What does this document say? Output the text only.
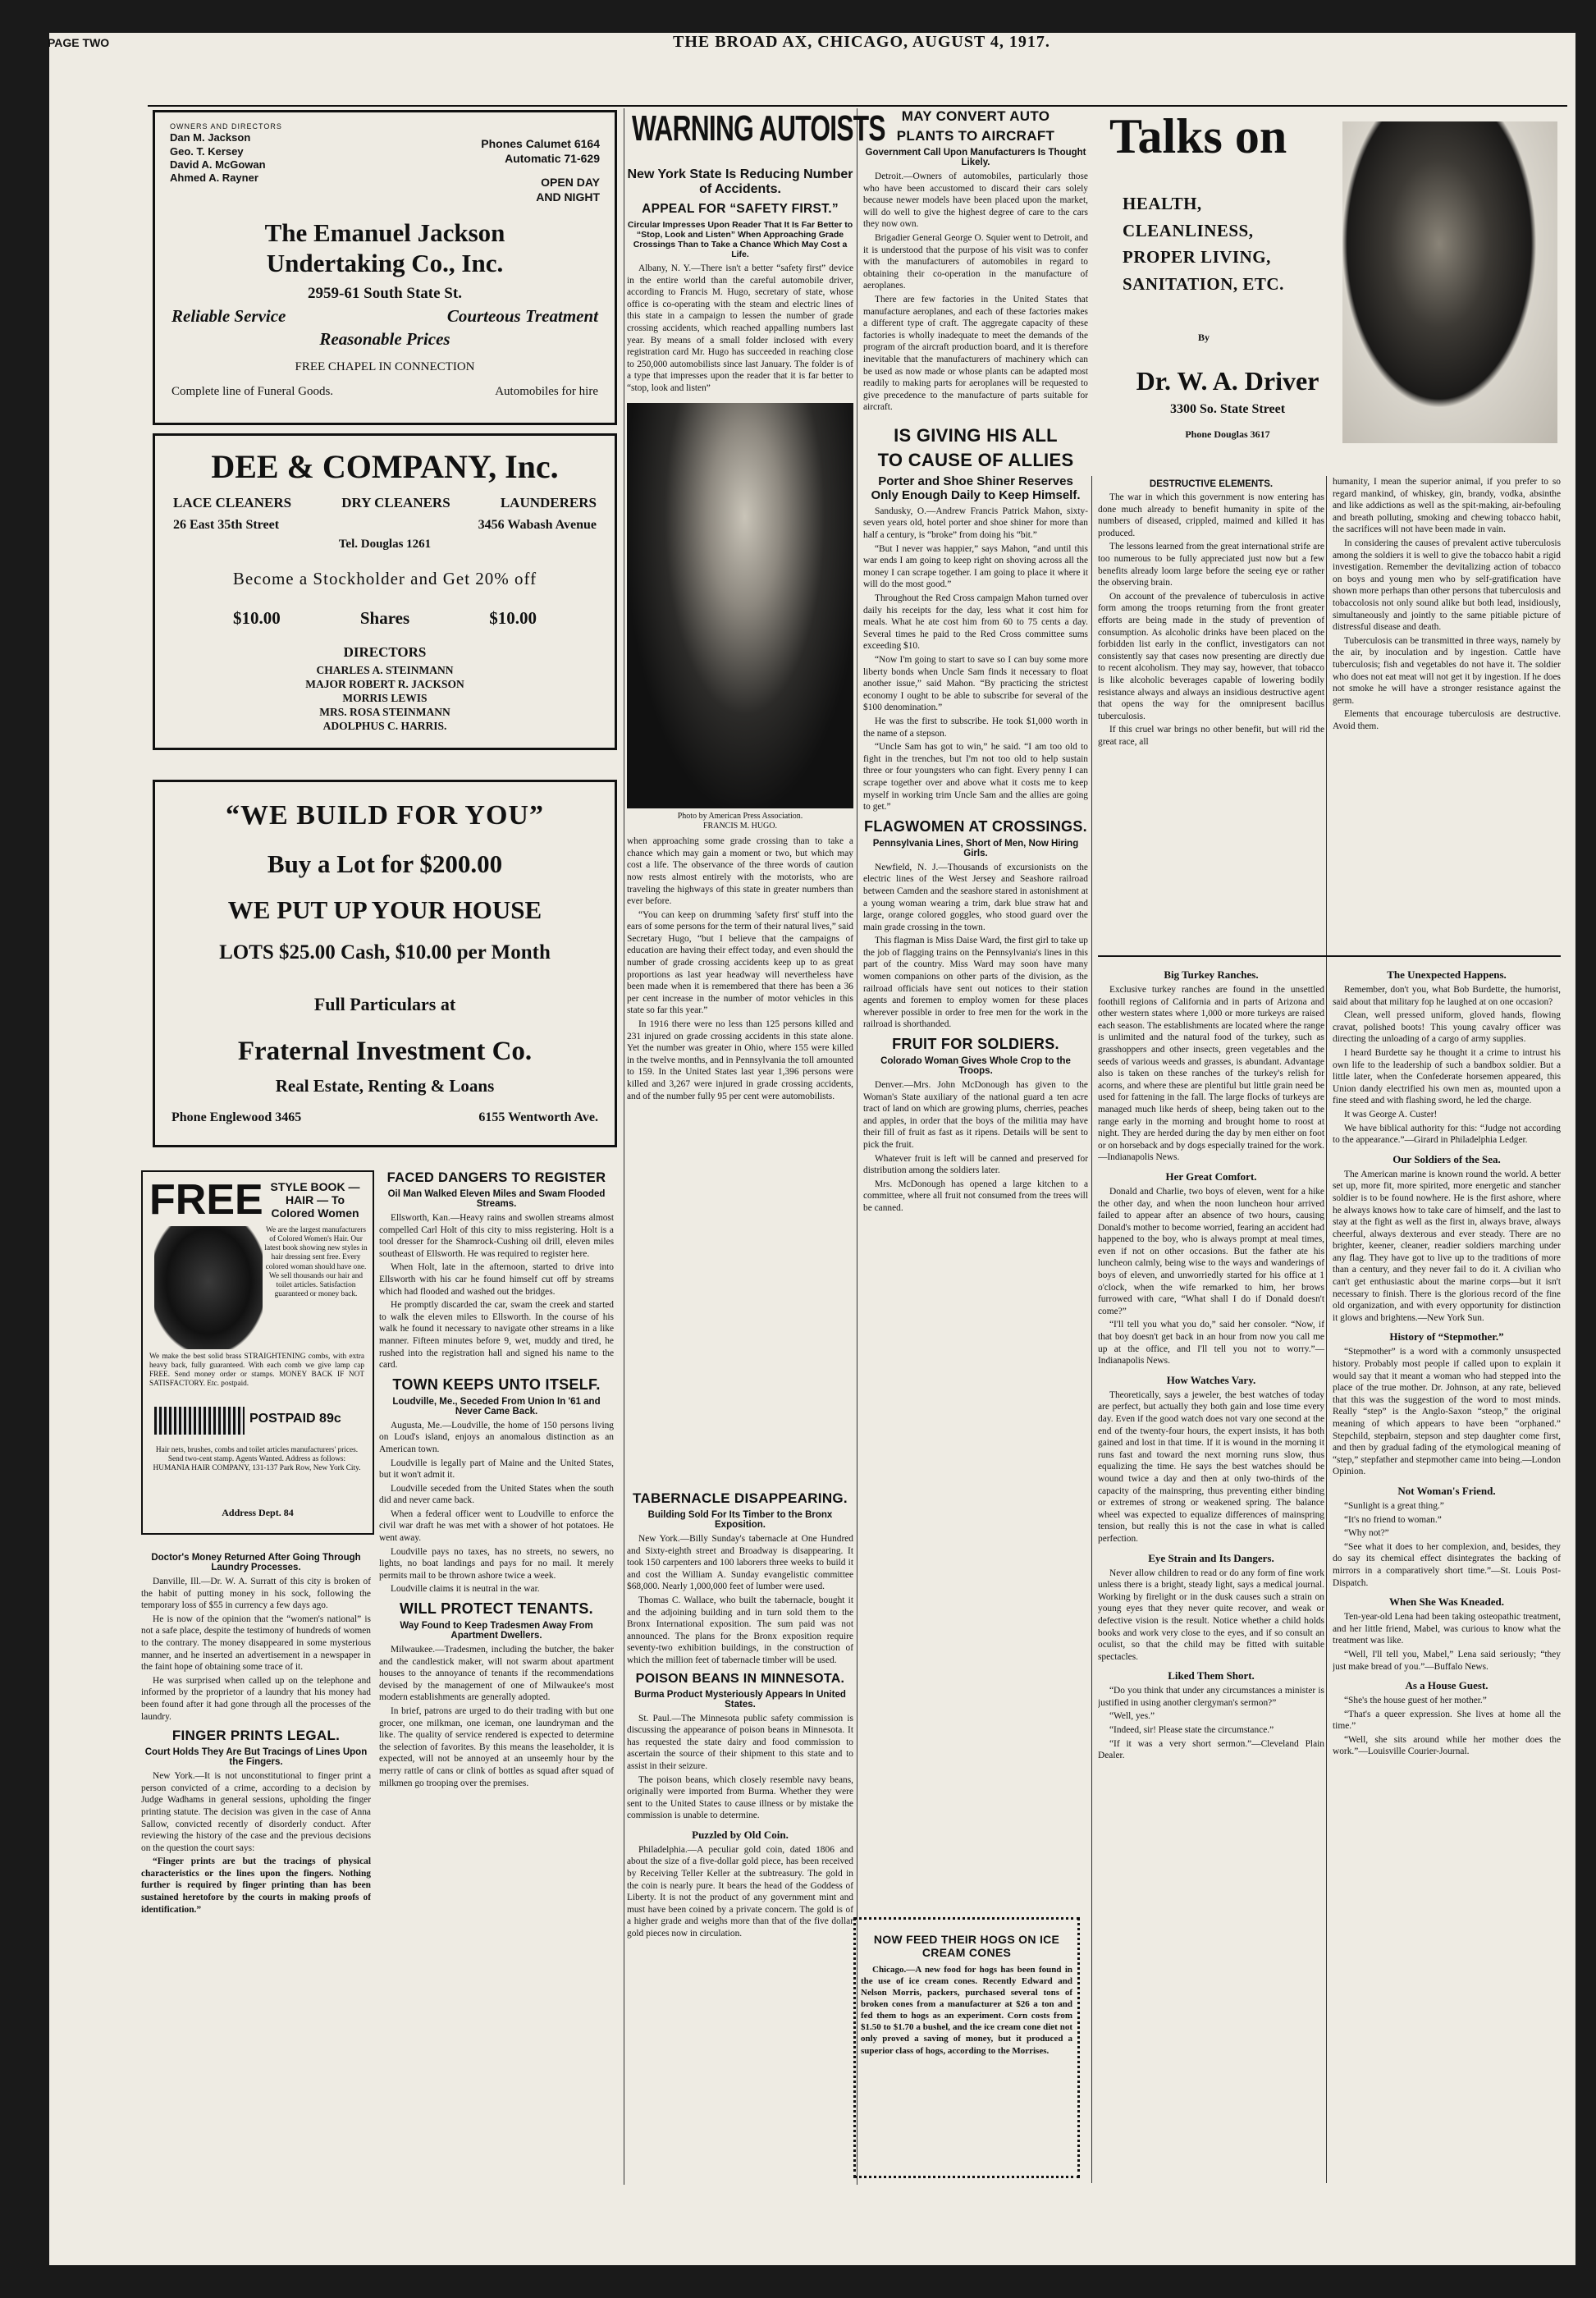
PAGE TWO	THE BROAD AX, CHICAGO, AUGUST 4, 1917.
OWNERS AND DIRECTORS
Dan M. Jackson
Geo. T. Kersey
David A. McGowan
Ahmed A. Rayner
Phones Calumet 6164
Automatic 71-629
OPEN DAY
AND NIGHT
The Emanuel Jackson
Undertaking Co., Inc.
2959-61 South State St.
Reliable Service	Courteous Treatment
Reasonable Prices
FREE CHAPEL IN CONNECTION
Complete line of Funeral Goods.	Automobiles for hire
DEE & COMPANY, Inc.
LACE CLEANERS	DRY CLEANERS	LAUNDERERS
26 East 35th Street	3456 Wabash Avenue
Tel. Douglas 1261
Become a Stockholder and Get 20% off
$10.00	Shares	$10.00
DIRECTORS
CHARLES A. STEINMANN
MAJOR ROBERT R. JACKSON
MORRIS LEWIS
MRS. ROSA STEINMANN
ADOLPHUS C. HARRIS.
“WE BUILD FOR YOU”
Buy a Lot for $200.00
WE PUT UP YOUR HOUSE
LOTS $25.00 Cash, $10.00 per Month
Full Particulars at
Fraternal Investment Co.
Real Estate, Renting & Loans
Phone Englewood 3465	6155 Wentworth Ave.
FREE STYLE BOOK — HAIR — To Colored Women
We are the largest manufacturers of Colored Women's Hair. Our latest book showing new styles in hair dressing sent free. Every colored woman should have one. We sell thousands our hair and toilet articles. Satisfaction guaranteed or money back.
We make the best solid brass STRAIGHTENING combs, with extra heavy back, fully guaranteed. With each comb we give lamp cap FREE. Send money order or stamps. MONEY BACK IF NOT SATISFACTORY. Etc. postpaid.
POSTPAID 89c
Hair nets, brushes, combs and toilet articles manufacturers' prices. Send two-cent stamp. Agents Wanted. Address as follows: HUMANIA HAIR COMPANY, 131-137 Park Row, New York City.
Address Dept. 84
Doctor's Money Returned After Going Through Laundry Processes.

Danville, Ill.—Dr. W. A. Surratt of this city is broken of the habit of putting money in his sock, following the temporary loss of $55 in currency a few days ago.

He is now of the opinion that the “women's national” is not a safe place, despite the testimony of hundreds of women to the contrary. The money disappeared in some mysterious manner, and he inserted an advertisement in a newspaper in the faint hope of obtaining some trace of it.

He was surprised when called up on the telephone and informed by the proprietor of a laundry that his money had been found after it had gone through all the processes of the laundry.

FINGER PRINTS LEGAL.
Court Holds They Are But Tracings of Lines Upon the Fingers.

New York.—It is not unconstitutional to finger print a person convicted of a crime, according to a decision by Judge Wadhams in general sessions, upholding the finger printing statute. The decision was given in the case of Anna Sallow, convicted recently of disorderly conduct. After reviewing the history of the case and the previous decisions on the question the court says:

“Finger prints are but the tracings of physical characteristics or the lines upon the fingers. Nothing further is required by finger printing than has been sustained heretofore by the courts in making proofs of identification.”

FACED DANGERS TO REGISTER
Oil Man Walked Eleven Miles and Swam Flooded Streams.

Ellsworth, Kan.—Heavy rains and swollen streams almost compelled Carl Holt of this city to miss registering. Holt is a tool dresser for the Shamrock-Cushing oil drill, eleven miles southeast of Ellsworth. He was required to register here.

When Holt, late in the afternoon, started to drive into Ellsworth with his car he found himself cut off by streams which had flooded and washed out the bridges.

He promptly discarded the car, swam the creek and started to walk the eleven miles to Ellsworth. In the course of his walk he found it necessary to navigate other streams in a like manner. Fifteen minutes before 9, wet, muddy and tired, he rushed into the registration hall and signed his name to the card.

TOWN KEEPS UNTO ITSELF.
Loudville, Me., Seceded From Union In '61 and Never Came Back.

Augusta, Me.—Loudville, the home of 150 persons living on Loud's island, enjoys an anomalous distinction as an American town.

Loudville is legally part of Maine and the United States, but it won't admit it.

Loudville seceded from the United States when the south did and never came back.

When a federal officer went to Loudville to enforce the civil war draft he was met with a shower of hot potatoes. He went away.

Loudville pays no taxes, has no streets, no sewers, no lights, no boat landings and pays for no mail. It merely permits mail to be thrown ashore twice a week.

Loudville claims it is neutral in the war.

WILL PROTECT TENANTS.
Way Found to Keep Tradesmen Away From Apartment Dwellers.

Milwaukee.—Tradesmen, including the butcher, the baker and the candlestick maker, will not swarm about apartment houses to the annoyance of tenants if the recommendations devised by the management of one of Milwaukee's most modern establishments are generally adopted.

In brief, patrons are urged to do their trading with but one grocer, one milkman, one iceman, one laundryman and the like. The quality of service rendered is expected to determine the selection of favorites. By this means the leaseholder, it is expected, will not be annoyed at an unseemly hour by the merry rattle of cans or clink of bottles as squad after squad of milkmen go trooping over the premises.

WARNING AUTOISTS
New York State Is Reducing Number of Accidents.
APPEAL FOR “SAFETY FIRST.”
Circular Impresses Upon Reader That It Is Far Better to “Stop, Look and Listen” When Approaching Grade Crossings Than to Take a Chance Which May Cost a Life.

Albany, N. Y.—There isn't a better “safety first” device in the entire world than the careful automobile driver, according to Francis M. Hugo, secretary of state, whose office is co-operating with the steam and electric lines of this state in a campaign to lessen the number of grade crossing accidents, which reached appalling numbers last year. By means of a small folder inclosed with every registration card Mr. Hugo has succeeded in reaching close to 250,000 automobilists since last January. The folder is of a type that impresses upon the reader that it is far better to “stop, look and listen”

Photo by American Press Association.
FRANCIS M. HUGO.

when approaching some grade crossing than to take a chance which may gain a moment or two, but which may cost a life. The observance of the three words of caution now rests almost entirely with the motorists, who are traveling the highways of this state in greater numbers than ever before.

“You can keep on drumming 'safety first' stuff into the ears of some persons for the term of their natural lives,” said Secretary Hugo, “but I believe that the campaigns of education are having their effect today, and even should the number of grade crossing accidents keep up to as great proportions as last year headway will nevertheless have been made when it is remembered that there has been a 36 per cent increase in the number of motor vehicles in this state so far this year.”

In 1916 there were no less than 125 persons killed and 231 injured on grade crossing accidents in this state alone. Yet the number was greater in Ohio, where 155 were killed in the twelve months, and in Pennsylvania the toll amounted to 159. In the United States last year 1,396 persons were killed and 3,267 were injured in grade crossing accidents, and of the number fully 95 per cent were automobilists.

TABERNACLE DISAPPEARING.
Building Sold For Its Timber to the Bronx Exposition.

New York.—Billy Sunday's tabernacle at One Hundred and Sixty-eighth street and Broadway is disappearing. It took 150 carpenters and 100 laborers three weeks to build it and cost the William A. Sunday evangelistic committee $68,000. Nearly 1,000,000 feet of lumber were used.

Thomas C. Wallace, who built the tabernacle, bought it and the adjoining building and in turn sold them to the Bronx International exposition. The sum paid was not announced. The plans for the Bronx exposition require seventy-two exhibition buildings, in the construction of which the million feet of tabernacle timber will be used.

POISON BEANS IN MINNESOTA.
Burma Product Mysteriously Appears In United States.

St. Paul.—The Minnesota public safety commission is discussing the appearance of poison beans in Minnesota. It has requested the state dairy and food commission to ascertain the source of their shipment to this state and to assist in their seizure.

The poison beans, which closely resemble navy beans, originally were imported from Burma. Whether they were sent to the United States to cause illness or by mistake the commission is unable to determine.

Puzzled by Old Coin.

Philadelphia.—A peculiar gold coin, dated 1806 and about the size of a five-dollar gold piece, has been received by Receiving Teller Keller at the subtreasury. The gold in the coin is nearly pure. It bears the head of the Goddess of Liberty. It is not the product of any government mint and must have been coined by a private concern. The gold is of a higher grade and weighs more than that of the five dollar gold pieces now in circulation.

MAY CONVERT AUTO
PLANTS TO AIRCRAFT
Government Call Upon Manufacturers Is Thought Likely.

Detroit.—Owners of automobiles, particularly those who have been accustomed to discard their cars solely because newer models have been placed upon the market, will do well to give the highest degree of care to the cars they now own.

Brigadier General George O. Squier went to Detroit, and it is understood that the purpose of his visit was to confer with the manufacturers of automobiles in regard to obtaining their co-operation in the manufacture of aeroplanes.

There are few factories in the United States that manufacture aeroplanes, and each of these factories makes a different type of craft. The aggregate capacity of these factories is wholly inadequate to meet the demands of the program of the aircraft production board, and it is therefore inevitable that the manufacturers of machinery which can be used as now made or whose plants can be adapted most readily to making parts for aeroplanes will be requested to give precedence to the manufacture of parts suitable for aircraft.

IS GIVING HIS ALL
TO CAUSE OF ALLIES
Porter and Shoe Shiner Reserves Only Enough Daily to Keep Himself.

Sandusky, O.—Andrew Francis Patrick Mahon, sixty-seven years old, hotel porter and shoe shiner for more than half a century, is “broke” from doing his “bit.”

“But I never was happier,” says Mahon, “and until this war ends I am going to keep right on shoving across all the money I can scrape together. I am going to place it where it will do the most good.”

Throughout the Red Cross campaign Mahon turned over daily his receipts for the day, less what it cost him for meals. What he ate cost him from 60 to 75 cents a day. Several times he paid to the Red Cross committee sums exceeding $10.

“Now I'm going to start to save so I can buy some more liberty bonds when Uncle Sam finds it necessary to float another issue,” said Mahon. “By practicing the strictest economy I ought to be able to subscribe for several of the $100 denomination.”

He was the first to subscribe. He took $1,000 worth in the name of a stepson.

“Uncle Sam has got to win,” he said. “I am too old to fight in the trenches, but I'm not too old to help sustain three or four youngsters who can fight. Every penny I can scrape together over and above what it costs me to keep myself in working trim Uncle Sam and the allies are going to get.”

FLAGWOMEN AT CROSSINGS.
Pennsylvania Lines, Short of Men, Now Hiring Girls.

Newfield, N. J.—Thousands of excursionists on the electric lines of the West Jersey and Seashore railroad between Camden and the seashore stared in astonishment at a young woman wearing a trim, dark blue straw hat and large, orange colored goggles, who stood guard over the main grade crossing in the town.

This flagman is Miss Daise Ward, the first girl to take up the job of flagging trains on the Pennsylvania's lines in this part of the country. Miss Ward may soon have many women companions on other parts of the division, as the railroad officials have sent out notices to their station agents and foremen to employ women for these places wherever possible in order to free men for the work in the railroad is shorthanded.

FRUIT FOR SOLDIERS.
Colorado Woman Gives Whole Crop to the Troops.

Denver.—Mrs. John McDonough has given to the Woman's State auxiliary of the national guard a ten acre tract of land on which are growing plums, cherries, peaches and apples, in order that the boys of the militia may have their fill of fruit as fast as it ripens. Details will be sent to pick the fruit.

Whatever fruit is left will be canned and preserved for distribution among the soldiers later.

Mrs. McDonough has opened a large kitchen to a committee, where all fruit not consumed from the trees will be canned.

NOW FEED THEIR HOGS ON ICE CREAM CONES

Chicago.—A new food for hogs has been found in the use of ice cream cones. Recently Edward and Nelson Morris, packers, purchased several tons of broken cones from a manufacturer at $26 a ton and fed them to hogs as an experiment. Corn costs from $1.50 to $1.70 a bushel, and the ice cream cone diet not only proved a saving of money, but it produced a superior class of hogs, according to the Morrises.

Talks on
HEALTH,
CLEANLINESS,
PROPER LIVING,
SANITATION, ETC.
By
Dr. W. A. Driver
3300 So. State Street
Phone Douglas 3617
DESTRUCTIVE ELEMENTS.

The war in which this government is now entering has done much already to benefit humanity in spite of the numbers of diseased, crippled, maimed and killed it has produced.

The lessons learned from the great international strife are too numerous to be fully appreciated just now but a few benefits already loom large before the seeing eye or rather the observing brain.

On account of the prevalence of tuberculosis in active form among the troops returning from the front greater efforts are being made in the study of prevention of consumption. As alcoholic drinks have been placed on the forbidden list early in the conflict, investigators can not consistently say that cases now presenting are directly due to recent alcoholism. They may say, however, that tobacco is like alcoholic beverages capable of lowering bodily resistance always and always an insidious destructive agent that opens the way for the omnipresent bacillus tuberculosis.

If this cruel war brings no other benefit, but will rid the great race, all

humanity, I mean the superior animal, if you prefer to so regard mankind, of whiskey, gin, brandy, vodka, absinthe and like addictions as well as the spit-making, air-befouling and breath polluting, smoking and chewing tobacco habit, the sacrifices will not have been made in vain.

In considering the causes of prevalent active tuberculosis among the soldiers it is well to give the tobacco habit a rigid investigation. Remember the devitalizing action of tobacco on boys and young men who by self-gratification have shown more perhaps than other persons that tuberculosis and tobaccolosis not only sound alike but both lead, insidiously, simultaneously and jointly to the same pitiable picture of distressful disease and death.

Tuberculosis can be transmitted in three ways, namely by the air, by inoculation and by ingestion. Cattle have tuberculosis; fish and vegetables do not have it. The soldier who does not eat meat will not get it by ingestion. If he does not smoke he will have a stronger resistance against the germ.

Elements that encourage tuberculosis are destructive. Avoid them.

Big Turkey Ranches.

Exclusive turkey ranches are found in the unsettled foothill regions of California and in parts of Arizona and other western states where 1,000 or more turkeys are raised each season. The establishments are located where the range is unlimited and the natural food of the turkey, such as grasshoppers and other insects, green vegetables and the seeds of various weeds and grasses, is abundant. Advantage also is taken on these ranches of the turkey's relish for acorns, and where these are plentiful but little grain need be used for fattening in the fall. The large flocks of turkeys are managed much like herds of sheep, being taken out to the range early in the morning and brought home to roost at night. They are herded during the day by men either on foot or on horseback and by dogs especially trained for the work.—Indianapolis News.

Her Great Comfort.

Donald and Charlie, two boys of eleven, went for a hike the other day, and when the noon luncheon hour arrived failed to appear after an absence of two hours, causing Donald's mother to become worried, fearing an accident had happened to the boy, who is always prompt at meal times, even if not on other occasions. But the father ate his luncheon calmly, being wise to the ways and wanderings of boys of eleven, and unworriedly started for his office at 1 o'clock, when the wife remarked to him, her brows furrowed with care, “What shall I do if Donald doesn't come?”

“I'll tell you what you do,” said her consoler. “Now, if that boy doesn't get back in an hour from now you call me up at the office, and I'll tell you not to worry.”—Indianapolis News.

How Watches Vary.

Theoretically, says a jeweler, the best watches of today are perfect, but actually they both gain and lose time every day. Even if the good watch does not vary one second at the end of the twenty-four hours, the expert insists, it has both gained and lost in that time. If it is wound in the morning it runs fast and toward the next morning runs slow, thus equalizing the time. He says the best watches should be wound twice a day and then at only two-thirds of the capacity of the mainspring, thus preventing either binding or extremes of strong or weakened spring. The balance wheel was expected to equalize differences of mainspring tension, but really this is not the case in what is called perfection.

Eye Strain and Its Dangers.

Never allow children to read or do any form of fine work unless there is a bright, steady light, says a medical journal. Working by firelight or in the dusk causes such a strain on young eyes that they never quite recover, and weak or defective vision is the result. Notice whether a child holds books and work very close to the eyes, and if so consult an oculist, so that the child may be fitted with suitable spectacles.

Liked Them Short.

“Do you think that under any circumstances a minister is justified in using another clergyman's sermon?”

“Well, yes.”

“Indeed, sir! Please state the circumstance.”

“If it was a very short sermon.”—Cleveland Plain Dealer.

The Unexpected Happens.

Remember, don't you, what Bob Burdette, the humorist, said about that military fop he laughed at on one occasion?

Clean, well pressed uniform, gloved hands, flowing cravat, polished boots! This young cavalry officer was directing the unloading of a cargo of army supplies.

I heard Burdette say he thought it a crime to intrust his own life to the leadership of such a bandbox soldier. But a little later, when the Confederate horsemen appeared, this Union dandy electrified his own men as, mounted upon a fine steed and with flashing sword, he led the charge.

It was George A. Custer!

We have biblical authority for this: “Judge not according to the appearance.”—Girard in Philadelphia Ledger.

Our Soldiers of the Sea.

The American marine is known round the world. A better set up, more fit, more spirited, more energetic and stancher soldier is to be found nowhere. He is the first ashore, where he always knows how to take care of himself, and the last to stay at the fight as well as the first in, always brave, always cheerful, always dexterous and ever steady. There are no brighter, keener, cleaner, readier soldiers marching under any flag. They have got to live up to the traditions of more than a century, and they never fail to do it. A civilian who can't get enthusiastic about the marine corps—but it isn't necessary to finish. There is the glorious record of the fine old organization, and with every opportunity for distinction it glows and brightens.—New York Sun.

History of “Stepmother.”

“Stepmother” is a word with a commonly unsuspected history. Probably most people if called upon to explain it would say that it meant a woman who had stepped into the place of the true mother. Dr. Johnson, at any rate, believed that this was the suggestion of the word to most minds. Really “step” is the Anglo-Saxon “steop,” the original meaning of which appears to have been “orphaned.” Stepchild, stepbairn, stepson and step daughter come first, and then by gradual fading of the etymological meaning of “step,” stepfather and stepmother came into being.—London Opinion.

Not Woman's Friend.

“Sunlight is a great thing.”

“It's no friend to woman.”

“Why not?”

“See what it does to her complexion, and, besides, they do say its chemical effect disintegrates the backing of mirrors in a comparatively short time.”—St. Louis Post-Dispatch.

When She Was Kneaded.

Ten-year-old Lena had been taking osteopathic treatment, and her little friend, Mabel, was curious to know what the treatment was like.

“Well, I'll tell you, Mabel,” Lena said seriously; “they just make bread of you.”—Buffalo News.

As a House Guest.

“She's the house guest of her mother.”

“That's a queer expression. She lives at home all the time.”

“Well, she sits around while her mother does the work.”—Louisville Courier-Journal.
